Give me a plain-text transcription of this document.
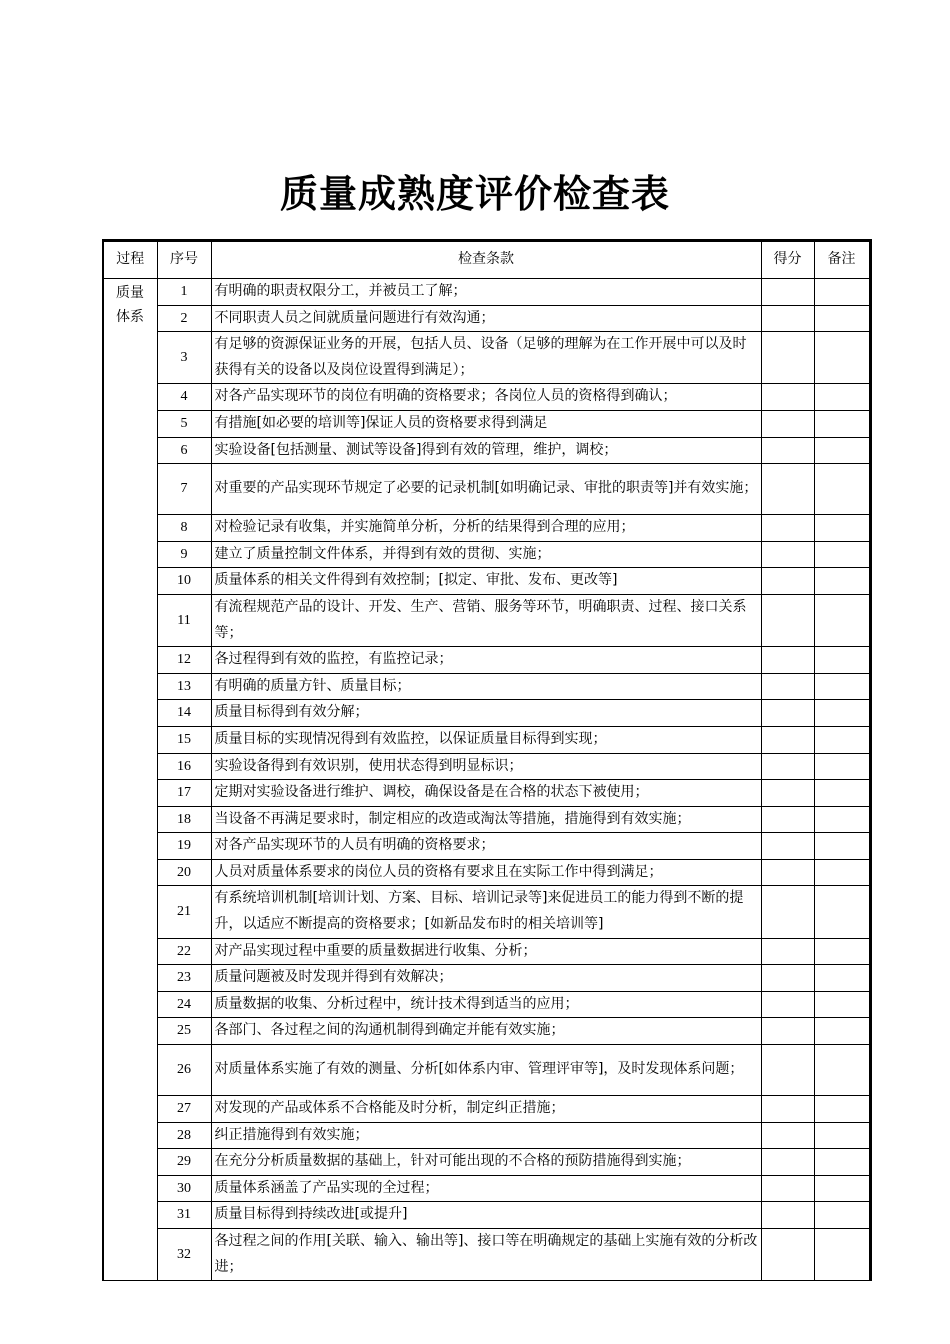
质量成熟度评价检查表
过程	序号	检查条款	得分	备注
质量
体系	1	有明确的职责权限分工，并被员工了解；		
	2	不同职责人员之间就质量问题进行有效沟通；		
	3	有足够的资源保证业务的开展，包括人员、设备（足够的理解为在工作开展中可以及时获得有关的设备以及岗位设置得到满足）；		
	4	对各产品实现环节的岗位有明确的资格要求；各岗位人员的资格得到确认；		
	5	有措施[如必要的培训等]保证人员的资格要求得到满足		
	6	实验设备[包括测量、测试等设备]得到有效的管理，维护，调校；		
	7	对重要的产品实现环节规定了必要的记录机制[如明确记录、审批的职责等]并有效实施；		
	8	对检验记录有收集，并实施简单分析，分析的结果得到合理的应用；		
	9	建立了质量控制文件体系，并得到有效的贯彻、实施；		
	10	质量体系的相关文件得到有效控制；[拟定、审批、发布、更改等]		
	11	有流程规范产品的设计、开发、生产、营销、服务等环节，明确职责、过程、接口关系等；		
	12	各过程得到有效的监控，有监控记录；		
	13	有明确的质量方针、质量目标；		
	14	质量目标得到有效分解；		
	15	质量目标的实现情况得到有效监控，以保证质量目标得到实现；		
	16	实验设备得到有效识别，使用状态得到明显标识；		
	17	定期对实验设备进行维护、调校，确保设备是在合格的状态下被使用；		
	18	当设备不再满足要求时，制定相应的改造或淘汰等措施，措施得到有效实施；		
	19	对各产品实现环节的人员有明确的资格要求；		
	20	人员对质量体系要求的岗位人员的资格有要求且在实际工作中得到满足；		
	21	有系统培训机制[培训计划、方案、目标、培训记录等]来促进员工的能力得到不断的提升，以适应不断提高的资格要求；[如新品发布时的相关培训等]		
	22	对产品实现过程中重要的质量数据进行收集、分析；		
	23	质量问题被及时发现并得到有效解决；		
	24	质量数据的收集、分析过程中，统计技术得到适当的应用；		
	25	各部门、各过程之间的沟通机制得到确定并能有效实施；		
	26	对质量体系实施了有效的测量、分析[如体系内审、管理评审等]，及时发现体系问题；		
	27	对发现的产品或体系不合格能及时分析，制定纠正措施；		
	28	纠正措施得到有效实施；		
	29	在充分分析质量数据的基础上，针对可能出现的不合格的预防措施得到实施；		
	30	质量体系涵盖了产品实现的全过程；		
	31	质量目标得到持续改进[或提升]		
	32	各过程之间的作用[关联、输入、输出等]、接口等在明确规定的基础上实施有效的分析改进；		
